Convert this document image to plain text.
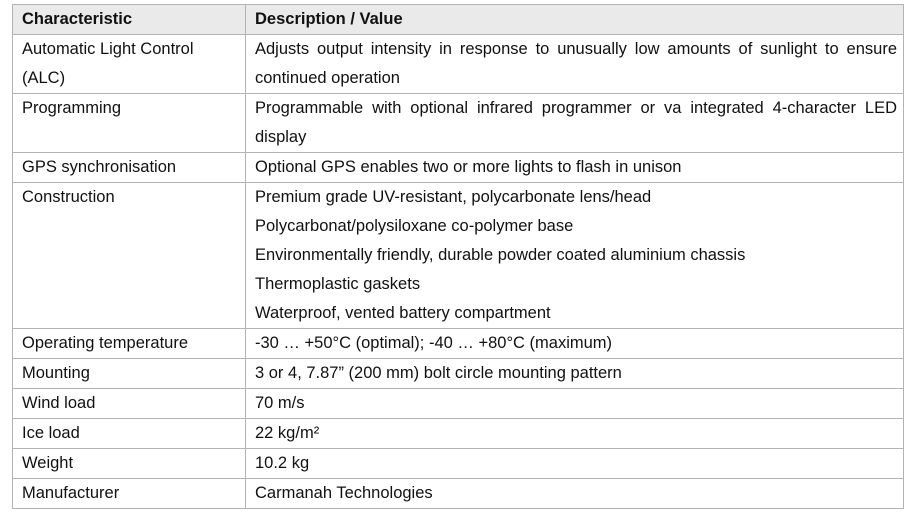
Characteristic	Description / Value
Automatic Light Control (ALC)	Adjusts output intensity in response to unusually low amounts of sunlight to ensure continued operation

Programming	Programmable with optional infrared programmer or va integrated 4-character LED display

GPS synchronisation	Optional GPS enables two or more lights to flash in unison

Construction	Premium grade UV-resistant, polycarbonate lens/head
Polycarbonat/polysiloxane co-polymer base
Environmentally friendly, durable powder coated aluminium chassis
Thermoplastic gaskets
Waterproof, vented battery compartment

Operating temperature	-30 … +50°C (optimal); -40 … +80°C (maximum)

Mounting	3 or 4, 7.87” (200 mm) bolt circle mounting pattern

Wind load	70 m/s

Ice load	22 kg/m²

Weight	10.2 kg

Manufacturer	Carmanah Technologies
